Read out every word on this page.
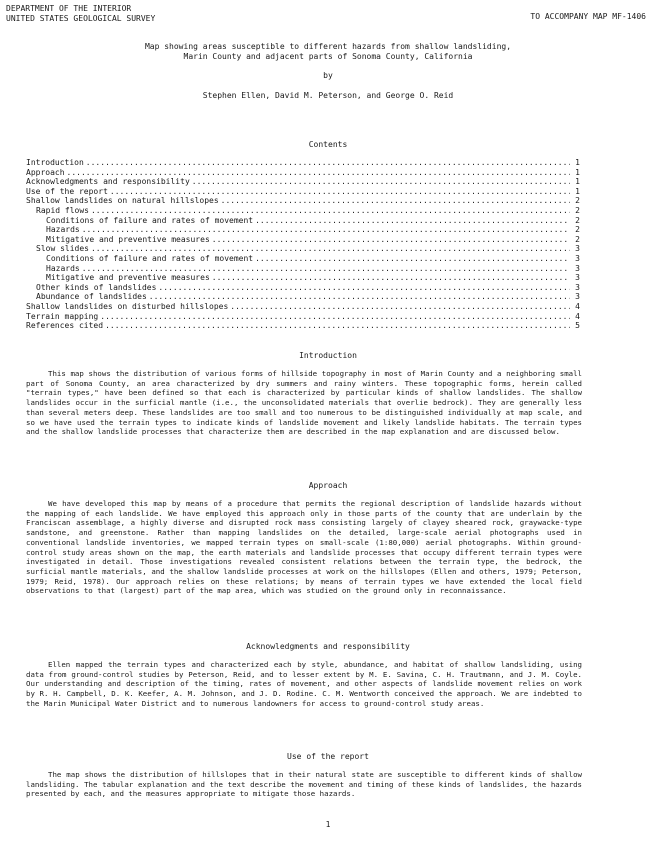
DEPARTMENT OF THE INTERIOR
UNITED STATES GEOLOGICAL SURVEY	TO ACCOMPANY MAP MF-1406
Map showing areas susceptible to different hazards from shallow landsliding,
Marin County and adjacent parts of Sonoma County, California
by
Stephen Ellen, David M. Peterson, and George O. Reid
Contents
Introduction .....	1
Approach .....	1
Acknowledgments and responsibility .....	1
Use of the report .....	1
Shallow landslides on natural hillslopes .....	2
Rapid flows .....	2
Conditions of failure and rates of movement .....	2
Hazards .....	2
Mitigative and preventive measures .....	2
Slow slides .....	3
Conditions of failure and rates of movement .....	3
Hazards .....	3
Mitigative and preventive measures .....	3
Other kinds of landslides .....	3
Abundance of landslides .....	3
Shallow landslides on disturbed hillslopes .....	4
Terrain mapping .....	4
References cited .....	5
Introduction

This map shows the distribution of various forms of hillside topography in most of Marin County and a neighboring small part of Sonoma County, an area characterized by dry summers and rainy winters. These topographic forms, herein called "terrain types," have been defined so that each is characterized by particular kinds of shallow landslides. The shallow landslides occur in the surficial mantle (i.e., the unconsolidated materials that overlie bedrock). They are generally less than several meters deep. These landslides are too small and too numerous to be distinguished individually at map scale, and so we have used the terrain types to indicate kinds of landslide movement and likely landslide habitats. The terrain types and the shallow landslide processes that characterize them are described in the map explanation and are discussed below.

Approach

We have developed this map by means of a procedure that permits the regional description of landslide hazards without the mapping of each landslide. We have employed this approach only in those parts of the county that are underlain by the Franciscan assemblage, a highly diverse and disrupted rock mass consisting largely of clayey sheared rock, graywacke-type sandstone, and greenstone. Rather than mapping landslides on the detailed, large-scale aerial photographs used in conventional landslide inventories, we mapped terrain types on small-scale (1:80,000) aerial photographs. Within ground-control study areas shown on the map, the earth materials and landslide processes that occupy different terrain types were investigated in detail. Those investigations revealed consistent relations between the terrain type, the bedrock, the surficial mantle materials, and the shallow landslide processes at work on the hillslopes (Ellen and others, 1979; Peterson, 1979; Reid, 1978). Our approach relies on these relations; by means of terrain types we have extended the local field observations to that (largest) part of the map area, which was studied on the ground only in reconnaissance.

Acknowledgments and responsibility

Ellen mapped the terrain types and characterized each by style, abundance, and habitat of shallow landsliding, using data from ground-control studies by Peterson, Reid, and to lesser extent by M. E. Savina, C. H. Trautmann, and J. M. Coyle. Our understanding and description of the timing, rates of movement, and other aspects of landslide movement relies on work by R. H. Campbell, D. K. Keefer, A. M. Johnson, and J. D. Rodine. C. M. Wentworth conceived the approach. We are indebted to the Marin Municipal Water District and to numerous landowners for access to ground-control study areas.

Use of the report

The map shows the distribution of hillslopes that in their natural state are susceptible to different kinds of shallow landsliding. The tabular explanation and the text describe the movement and timing of these kinds of landslides, the hazards presented by each, and the measures appropriate to mitigate those hazards.

1
